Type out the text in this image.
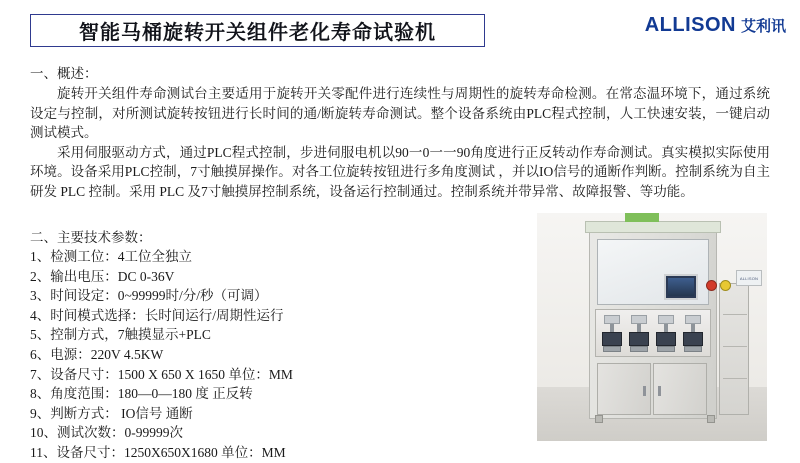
智能马桶旋转开关组件老化寿命试验机	ALLISON 艾利讯
一、概述：

旋转开关组件寿命测试台主要适用于旋转开关零配件进行连续性与周期性的旋转寿命检测。在常态温环境下，通过系统设定与控制，对所测试旋转按钮进行长时间的通/断旋转寿命测试。整个设备系统由PLC程式控制，人工快速安装，一键启动测试模式。

采用伺服驱动方式，通过PLC程式控制，步进伺服电机以90一0一一90角度进行正反转动作寿命测试。真实模拟实际使用环境。设备采用PLC控制，7寸触摸屏操作。对各工位旋转按钮进行多角度测试 ，并以IO信号的通断作判断。控制系统为自主研发 PLC 控制。采用 PLC 及7寸触摸屏控制系统，设备运行控制通过。控制系统并带异常、故障报警、等功能。

二、主要技术参数：
1、检测工位：4工位全独立
2、输出电压：DC 0-36V
3、时间设定：0~99999时/分/秒（可调）
4、时间模式选择：长时间运行/周期性运行
5、控制方式，7触摸显示+PLC
6、电源：220V 4.5KW
7、设备尺寸：1500 X 650 X 1650 单位：MM
8、角度范围：180—0—180 度 正反转
9、判断方式： IO信号 通断
10、测试次数：0-99999次
11、设备尺寸：1250X650X1680 单位：MM
ALLISON
